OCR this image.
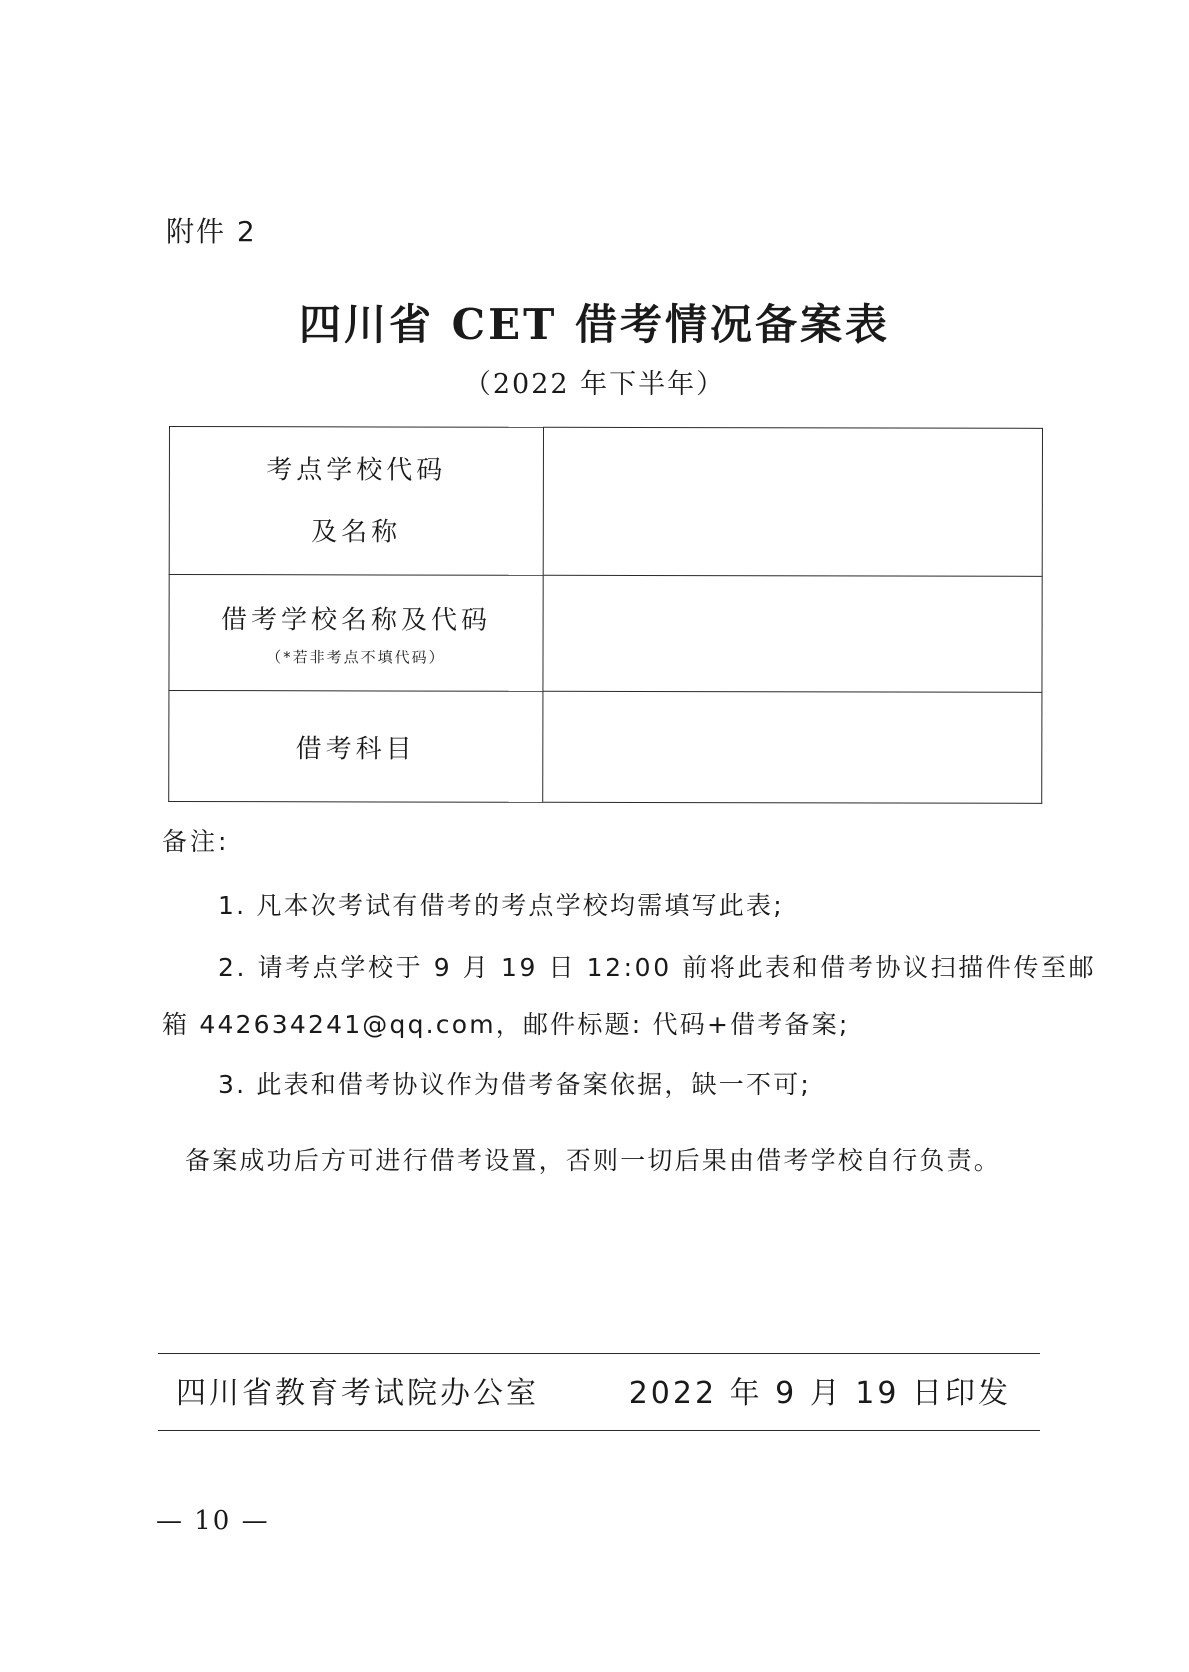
附件 2
四川省 CET 借考情况备案表
（2022 年下半年）
考点学校代码
及名称	

借考学校名称及代码
（*若非考点不填代码）	

借考科目	
备注:
1. 凡本次考试有借考的考点学校均需填写此表;
2. 请考点学校于 9 月 19 日 12:00 前将此表和借考协议扫描件传至邮
箱 442634241@qq.com，邮件标题: 代码+借考备案;
3. 此表和借考协议作为借考备案依据，缺一不可;
备案成功后方可进行借考设置，否则一切后果由借考学校自行负责。
四川省教育考试院办公室	2022 年 9 月 19 日印发
— 10 —
